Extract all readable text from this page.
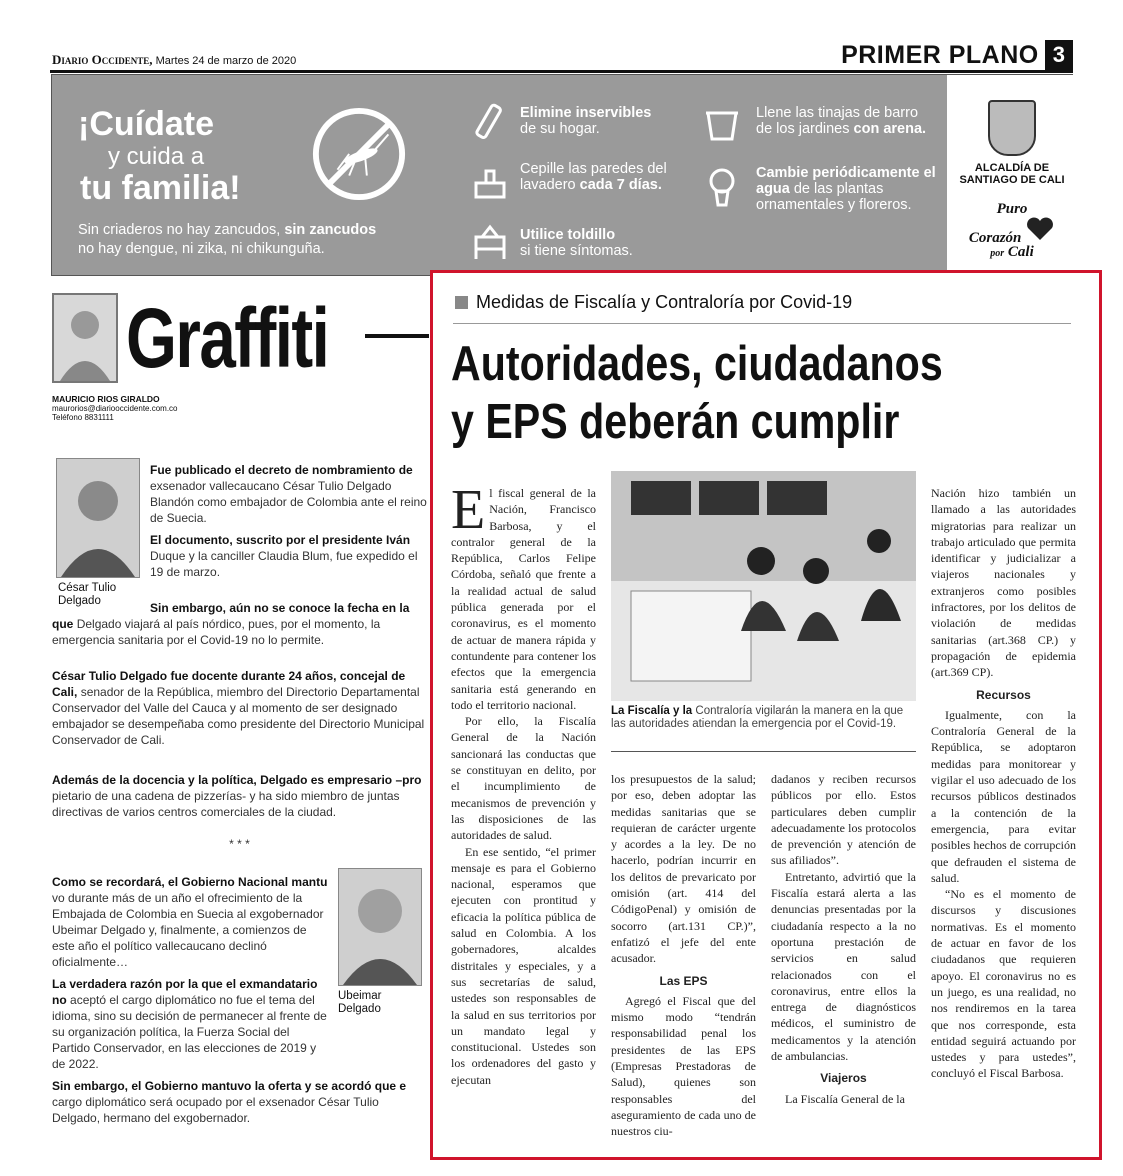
Diario Occidente, Martes 24 de marzo de 2020	PRIMER PLANO 3
¡Cuídate
y cuida a
tu familia!
Sin criaderos no hay zancudos, sin zancudos
no hay dengue, ni zika, ni chikunguña.
Elimine inservibles
de su hogar.
Cepille las paredes del lavadero cada 7 días.
Utilice toldillo
si tiene síntomas.
Llene las tinajas de barro de los jardines con arena.
Cambie periódicamente el agua de las plantas ornamentales y floreros.
ALCALDÍA DE
SANTIAGO DE CALI
Puro
Corazón
por Cali
Graffiti
MAURICIO RIOS GIRALDO
maurorios@diariooccidente.com.co
Teléfono 8831111
César Tulio
Delgado
Fue publicado el decreto de nombramiento de exsenador vallecaucano César Tulio Delgado Blandón como embajador de Colombia ante el reino de Suecia.
El documento, suscrito por el presidente Iván Duque y la canciller Claudia Blum, fue expedido el 19 de marzo.
Sin embargo, aún no se conoce la fecha en la que Delgado viajará al país nórdico, pues, por el momento, la emergencia sanitaria por el Covid-19 no lo permite.
César Tulio Delgado fue docente durante 24 años, concejal de Cali, senador de la República, miembro del Directorio Departamental Conservador del Valle del Cauca y al momento de ser designado embajador se desempeñaba como presidente del Directorio Municipal Conservador de Cali.
Además de la docencia y la política, Delgado es empresario –pro pietario de una cadena de pizzerías- y ha sido miembro de juntas directivas de varios centros comerciales de la ciudad.
* * *
Como se recordará, el Gobierno Nacional mantu vo durante más de un año el ofrecimiento de la Embajada de Colombia en Suecia al exgobernador Ubeimar Delgado y, finalmente, a comienzos de este año el político vallecaucano declinó oficialmente…
Ubeimar
Delgado
La verdadera razón por la que el exmandatario no aceptó el cargo diplomático no fue el tema del idioma, sino su decisión de permanecer al frente de su organización política, la Fuerza Social del Partido Conservador, en las elecciones de 2019 y de 2022.
Sin embargo, el Gobierno mantuvo la oferta y se acordó que e cargo diplomático será ocupado por el exsenador César Tulio Delgado, hermano del exgobernador.
Medidas de Fiscalía y Contraloría por Covid-19
Autoridades, ciudadanos
y EPS deberán cumplir
E l fiscal general de la Nación, Francisco Barbosa, y el contralor general de la República, Carlos Felipe Córdoba, señaló que frente a la realidad actual de salud pública generada por el coronavirus, es el momento de actuar de manera rápida y contundente para contener los efectos que la emergencia sanitaria está generando en todo el territorio nacional.

Por ello, la Fiscalía General de la Nación sancionará las conductas que se constituyan en delito, por el incumplimiento de mecanismos de prevención y las disposiciones de las autoridades de salud.

En ese sentido, “el primer mensaje es para el Gobierno nacional, esperamos que ejecuten con prontitud y eficacia la política pública de salud en Colombia. A los gobernadores, alcaldes distritales y especiales, y a sus secretarías de salud, ustedes son responsables de la salud en sus territorios por un mandato legal y constitucional. Ustedes son los ordenadores del gasto y ejecutan

La Fiscalía y la Contraloría vigilarán la manera en la que las autoridades atiendan la emergencia por el Covid-19.

los presupuestos de la salud; por eso, deben adoptar las medidas sanitarias que se requieran de carácter urgente y acordes a la ley. De no hacerlo, podrían incurrir en los delitos de prevaricato por omisión (art. 414 del CódigoPenal) y omisión de socorro (art.131 CP.)”, enfatizó el jefe del ente acusador.

Las EPS

Agregó el Fiscal que del mismo modo “tendrán responsabilidad penal los presidentes de las EPS (Empresas Prestadoras de Salud), quienes son responsables del aseguramiento de cada uno de nuestros ciu-

dadanos y reciben recursos públicos por ello. Estos particulares deben cumplir adecuadamente los protocolos de prevención y atención de sus afiliados”.

Entretanto, advirtió que la Fiscalía estará alerta a las denuncias presentadas por la ciudadanía respecto a la no oportuna prestación de servicios en salud relacionados con el coronavirus, entre ellos la entrega de diagnósticos médicos, el suministro de medicamentos y la atención de ambulancias.

Viajeros

La Fiscalía General de la

Nación hizo también un llamado a las autoridades migratorias para realizar un trabajo articulado que permita identificar y judicializar a viajeros nacionales y extranjeros como posibles infractores, por los delitos de violación de medidas sanitarias (art.368 CP.) y propagación de epidemia (art.369 CP).

Recursos

Igualmente, con la Contraloría General de la República, se adoptaron medidas para monitorear y vigilar el uso adecuado de los recursos públicos destinados a la contención de la emergencia, para evitar posibles hechos de corrupción que defrauden el sistema de salud.

“No es el momento de discursos y discusiones normativas. Es el momento de actuar en favor de los ciudadanos que requieren apoyo. El coronavirus no es un juego, es una realidad, no nos rendiremos en la tarea que nos corresponde, esta entidad seguirá actuando por ustedes y para ustedes”, concluyó el Fiscal Barbosa.
